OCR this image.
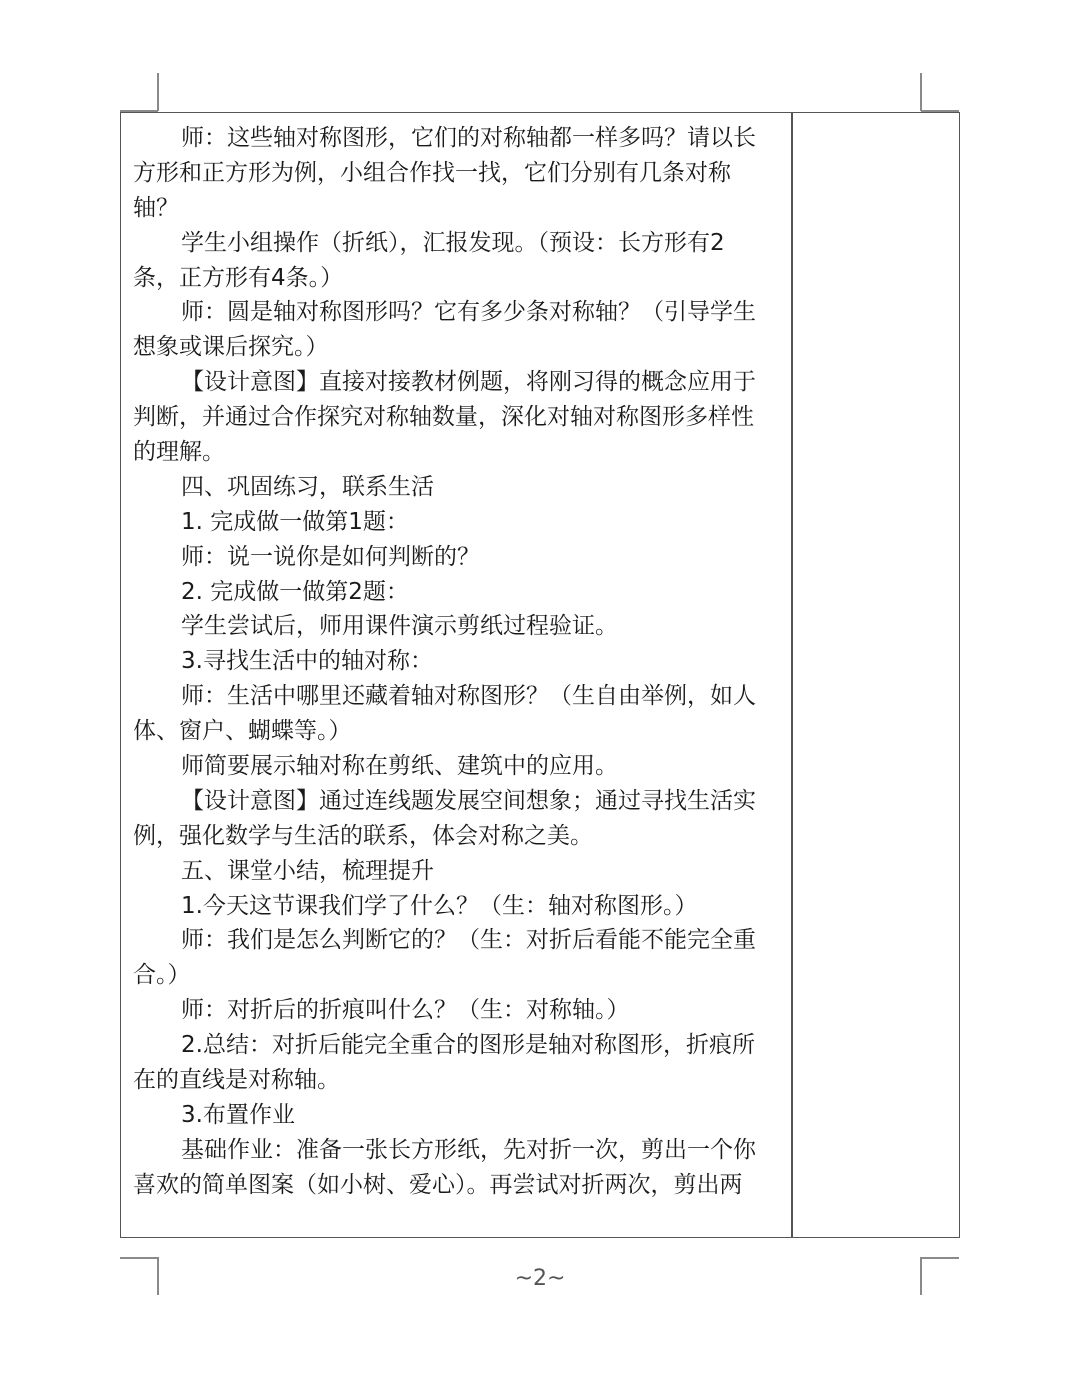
师：这些轴对称图形，它们的对称轴都一样多吗？请以长
方形和正方形为例，小组合作找一找，它们分别有几条对称
轴？
学生小组操作（折纸），汇报发现。（预设：长方形有2
条，正方形有4条。）
师：圆是轴对称图形吗？它有多少条对称轴？（引导学生
想象或课后探究。）
【设计意图】直接对接教材例题，将刚习得的概念应用于
判断，并通过合作探究对称轴数量，深化对轴对称图形多样性
的理解。
四、巩固练习，联系生活
1. 完成做一做第1题：
师：说一说你是如何判断的？
2. 完成做一做第2题：
学生尝试后，师用课件演示剪纸过程验证。
3.寻找生活中的轴对称：
师：生活中哪里还藏着轴对称图形？（生自由举例，如人
体、窗户、蝴蝶等。）
师简要展示轴对称在剪纸、建筑中的应用。
【设计意图】通过连线题发展空间想象；通过寻找生活实
例，强化数学与生活的联系，体会对称之美。
五、课堂小结，梳理提升
1.今天这节课我们学了什么？（生：轴对称图形。）
师：我们是怎么判断它的？（生：对折后看能不能完全重
合。）
师：对折后的折痕叫什么？（生：对称轴。）
2.总结：对折后能完全重合的图形是轴对称图形，折痕所
在的直线是对称轴。
3.布置作业
基础作业：准备一张长方形纸，先对折一次，剪出一个你
喜欢的简单图案（如小树、爱心）。再尝试对折两次，剪出两
~2~
